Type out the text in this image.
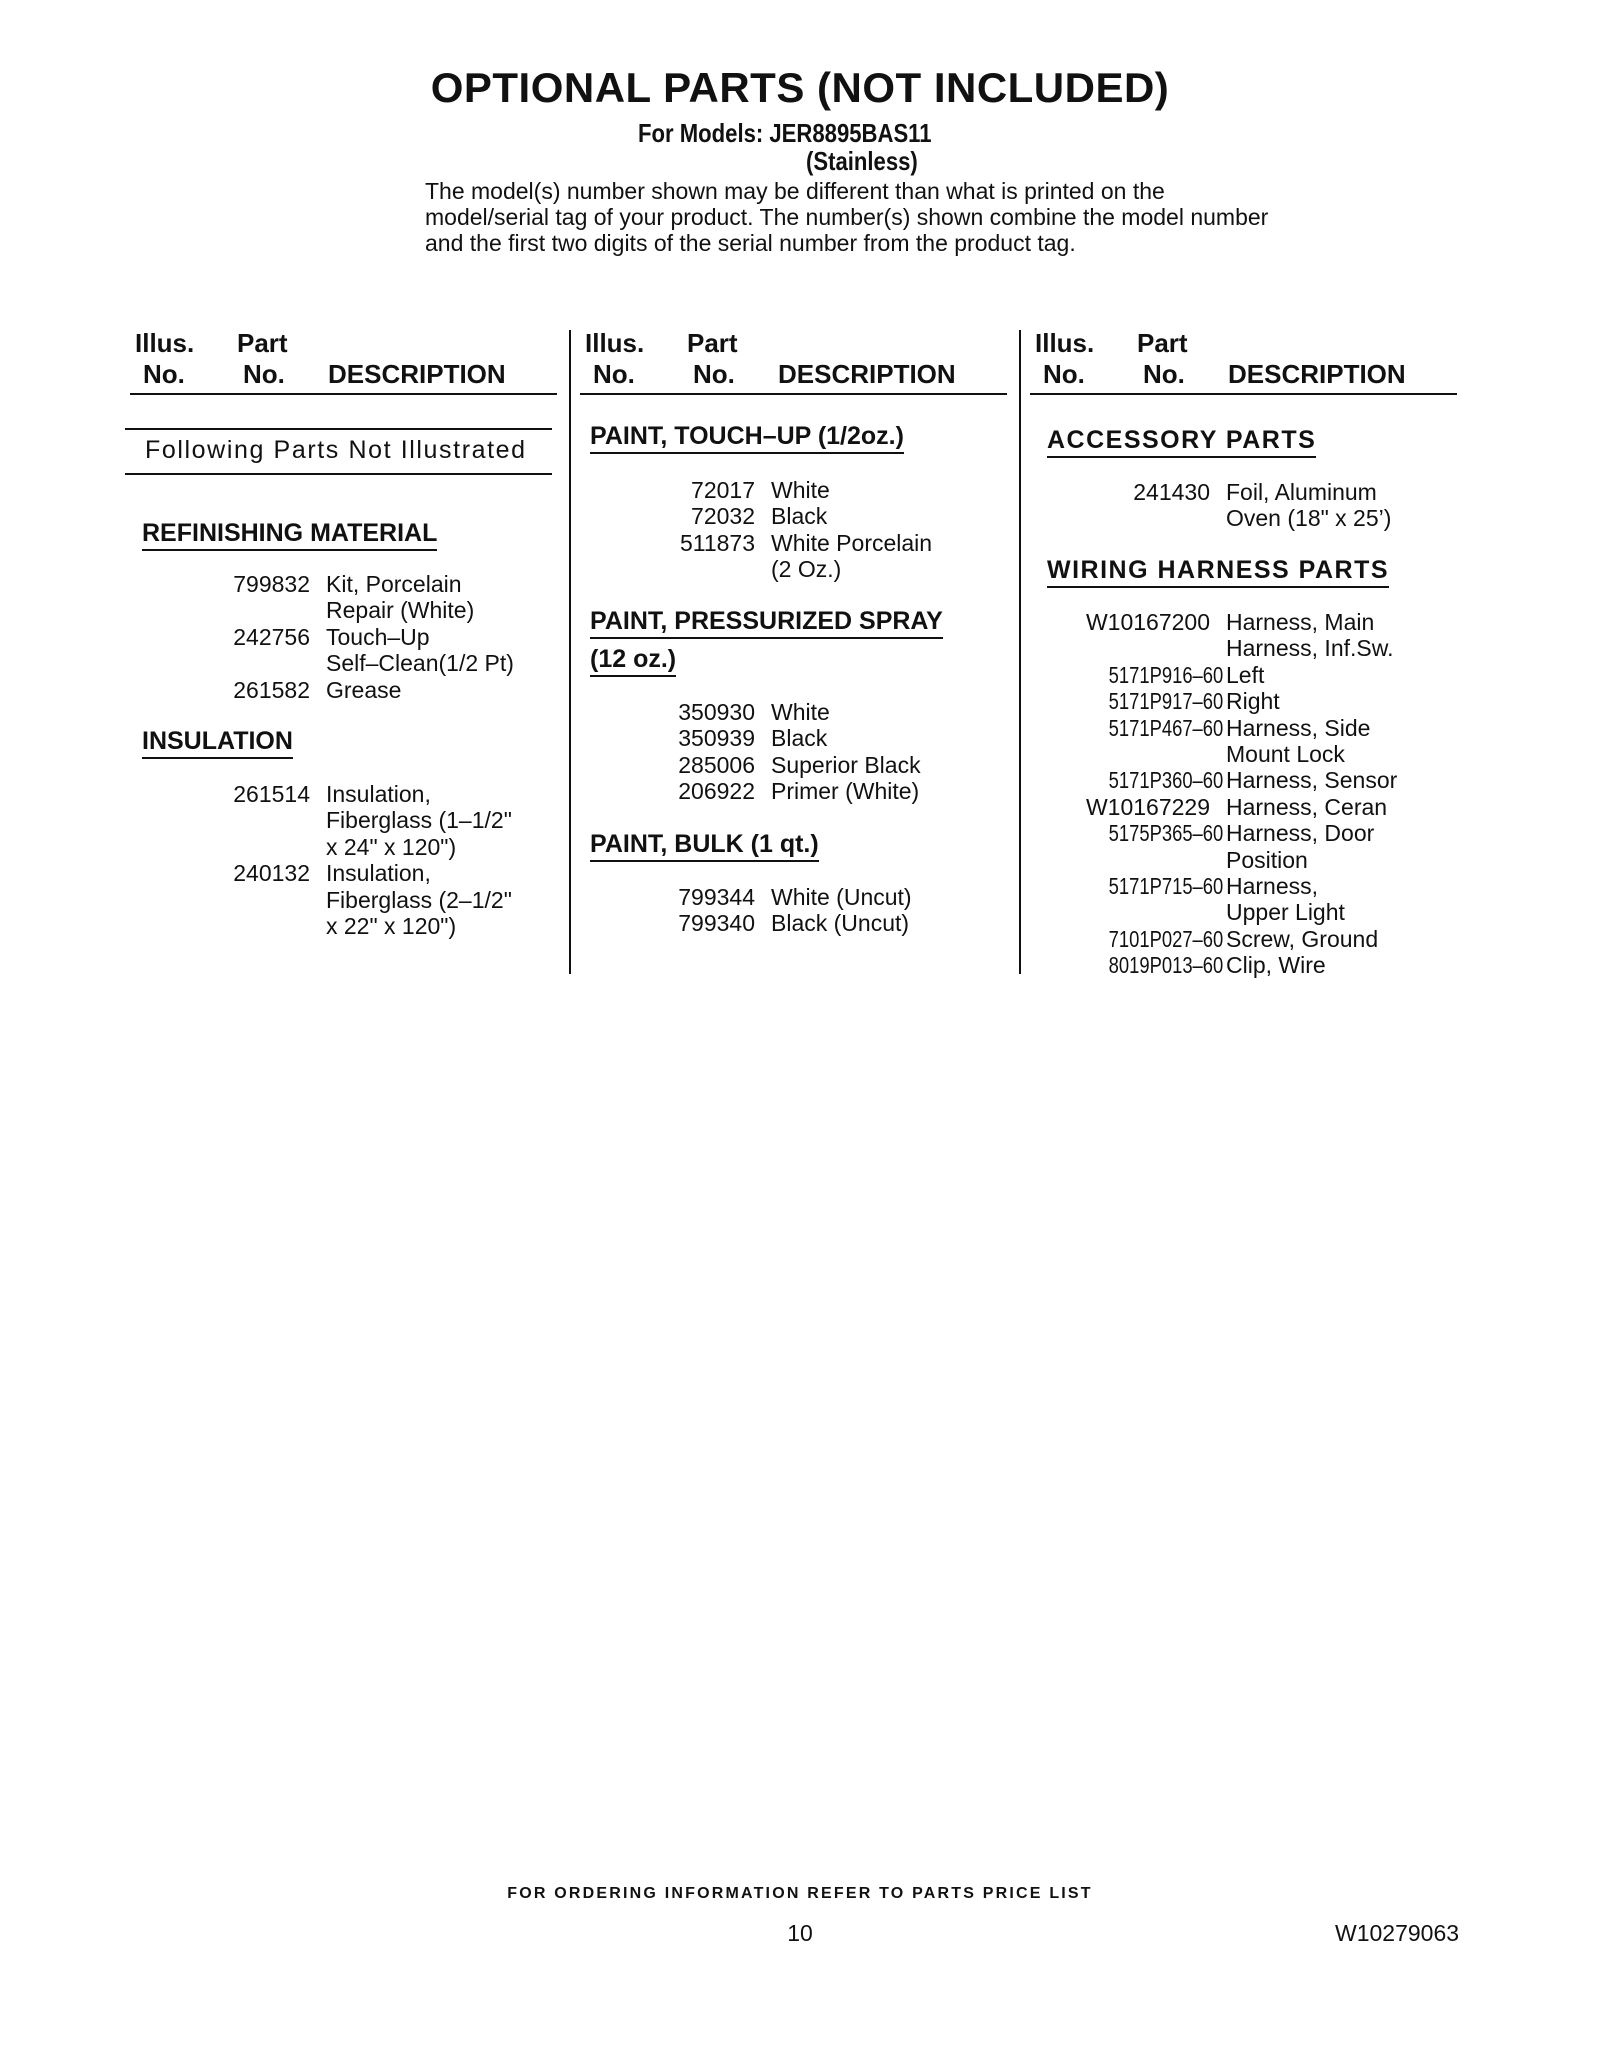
OPTIONAL PARTS (NOT INCLUDED)
For Models: JER8895BAS11
(Stainless)
The model(s) number shown may be different than what is printed on the model/serial tag of your product. The number(s) shown combine the model number and the first two digits of the serial number from the product tag.
Illus.
No.
Part
No. DESCRIPTION
Illus.
No.
Part
No. DESCRIPTION
Illus.
No.
Part
No. DESCRIPTION
Following Parts Not Illustrated
REFINISHING MATERIAL
799832 Kit, Porcelain
Repair (White)
242756 Touch–Up
Self–Clean(1/2 Pt)
261582 Grease
INSULATION
261514 Insulation,
Fiberglass (1–1/2"
x 24" x 120")
240132 Insulation,
Fiberglass (2–1/2"
x 22" x 120")
PAINT, TOUCH–UP (1/2oz.)
72017 White
72032 Black
511873 White Porcelain
(2 Oz.)
PAINT, PRESSURIZED SPRAY
(12 oz.)
350930 White
350939 Black
285006 Superior Black
206922 Primer (White)
PAINT, BULK (1 qt.)
799344 White (Uncut)
799340 Black (Uncut)
ACCESSORY PARTS
241430 Foil, Aluminum
Oven (18" x 25’)
WIRING HARNESS PARTS
W10167200 Harness, Main
Harness, Inf.Sw.
5171P916–60 Left
5171P917–60 Right
5171P467–60 Harness, Side
Mount Lock
5171P360–60 Harness, Sensor
W10167229 Harness, Ceran
5175P365–60 Harness, Door
Position
5171P715–60 Harness,
Upper Light
7101P027–60 Screw, Ground
8019P013–60 Clip, Wire
FOR ORDERING INFORMATION REFER TO PARTS PRICE LIST
10	W10279063
